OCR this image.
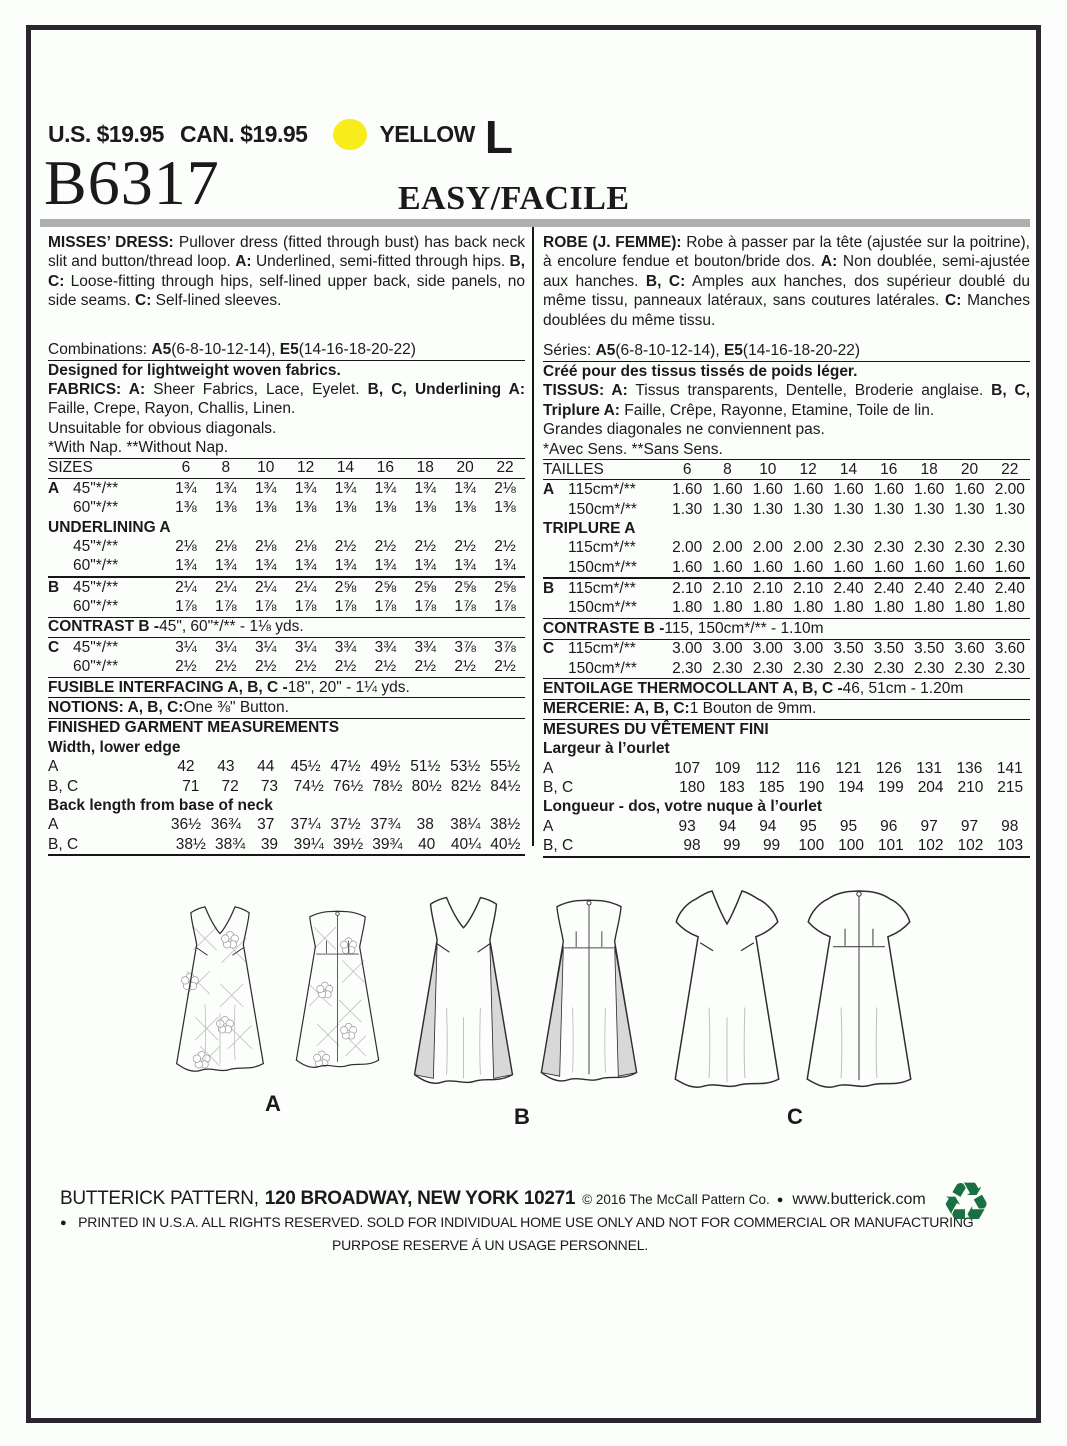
U.S. $19.95 CAN. $19.95	YELLOW L
B6317	EASY/FACILE

MISSES’ DRESS: Pullover dress (fitted through bust) has back neck slit and button/thread loop. A: Underlined, semi-fitted through hips. B, C: Loose-fitting through hips, self-lined upper back, side panels, no side seams. C: Self-lined sleeves.

Combinations: A5(6-8-10-12-14), E5(14-16-18-20-22)
Designed for lightweight woven fabrics.

FABRICS: A: Sheer Fabrics, Lace, Eyelet. B, C, Underlining A: Faille, Crepe, Rayon, Challis, Linen.

Unsuitable for obvious diagonals.
*With Nap. **Without Nap.
SIZES	6	8	10	12	14	16	18	20	22
A 45"*/**	1¾	1¾	1¾	1¾	1¾	1¾	1¾	1¾	2⅛
60"*/**	1⅜	1⅜	1⅜	1⅜	1⅜	1⅜	1⅜	1⅜	1⅜
UNDERLINING A
45"*/**	2⅛	2⅛	2⅛	2⅛	2½	2½	2½	2½	2½
60"*/**	1¾	1¾	1¾	1¾	1¾	1¾	1¾	1¾	1¾
B 45"*/**	2¼	2¼	2¼	2¼	2⅝	2⅝	2⅝	2⅝	2⅝
60"*/**	1⅞	1⅞	1⅞	1⅞	1⅞	1⅞	1⅞	1⅞	1⅞
CONTRAST B - 45", 60"*/** - 1⅛ yds.
C 45"*/**	3¼	3¼	3¼	3¼	3¾	3¾	3¾	3⅞	3⅞
60"*/**	2½	2½	2½	2½	2½	2½	2½	2½	2½
FUSIBLE INTERFACING A, B, C - 18", 20" - 1¼ yds.
NOTIONS: A, B, C: One ⅜" Button.
FINISHED GARMENT MEASUREMENTS
Width, lower edge
A	42	43	44	45½ 47½ 49½ 51½ 53½ 55½
B, C	71	72	73	74½ 76½ 78½ 80½ 82½ 84½
Back length from base of neck
A	36½ 36¾	37	37¼ 37½ 37¾	38	38¼ 38½
B, C	38½ 38¾	39	39¼ 39½ 39¾	40	40¼ 40½

ROBE (J. FEMME): Robe à passer par la tête (ajustée sur la poitrine), à encolure fendue et bouton/bride dos. A: Non doublée, semi-ajustée aux hanches. B, C: Amples aux hanches, dos supérieur doublé du même tissu, panneaux latéraux, sans coutures latérales. C: Manches doublées du même tissu.

Séries: A5(6-8-10-12-14), E5(14-16-18-20-22)
Créé pour des tissus tissés de poids léger.

TISSUS: A: Tissus transparents, Dentelle, Broderie anglaise. B, C, Triplure A: Faille, Crêpe, Rayonne, Etamine, Toile de lin.

Grandes diagonales ne conviennent pas.
*Avec Sens. **Sans Sens.
TAILLES	6	8	10	12	14	16	18	20	22
A 115cm*/**	1.60 1.60 1.60 1.60 1.60 1.60 1.60 1.60 2.00
150cm*/**	1.30 1.30 1.30 1.30 1.30 1.30 1.30 1.30 1.30
TRIPLURE A
115cm*/**	2.00 2.00 2.00 2.00 2.30 2.30 2.30 2.30 2.30
150cm*/**	1.60 1.60 1.60 1.60 1.60 1.60 1.60 1.60 1.60
B 115cm*/**	2.10 2.10 2.10 2.10 2.40 2.40 2.40 2.40 2.40
150cm*/**	1.80 1.80 1.80 1.80 1.80 1.80 1.80 1.80 1.80
CONTRASTE B - 115, 150cm*/** - 1.10m
C 115cm*/**	3.00 3.00 3.00 3.00 3.50 3.50 3.50 3.60 3.60
150cm*/**	2.30 2.30 2.30 2.30 2.30 2.30 2.30 2.30 2.30
ENTOILAGE THERMOCOLLANT A, B, C - 46, 51cm - 1.20m
MERCERIE: A, B, C: 1 Bouton de 9mm.
MESURES DU VÊTEMENT FINI
Largeur à l’ourlet
A	107 109 112	116 121 126 131 136 141
B, C	180 183 185 190 194 199 204 210 215
Longueur - dos, votre nuque à l’ourlet
A	93	94	94	95	95	96	97	97	98
B, C	98	99	99	100 100 101 102 102 103
A
B	C
BUTTERICK PATTERN, 120 BROADWAY, NEW YORK 10271 © 2016 The McCall Pattern Co. ● www.butterick.com
● PRINTED IN U.S.A. ALL RIGHTS RESERVED. SOLD FOR INDIVIDUAL HOME USE ONLY AND NOT FOR COMMERCIAL OR MANUFACTURING
PURPOSE RESERVE Á UN USAGE PERSONNEL.
♻
